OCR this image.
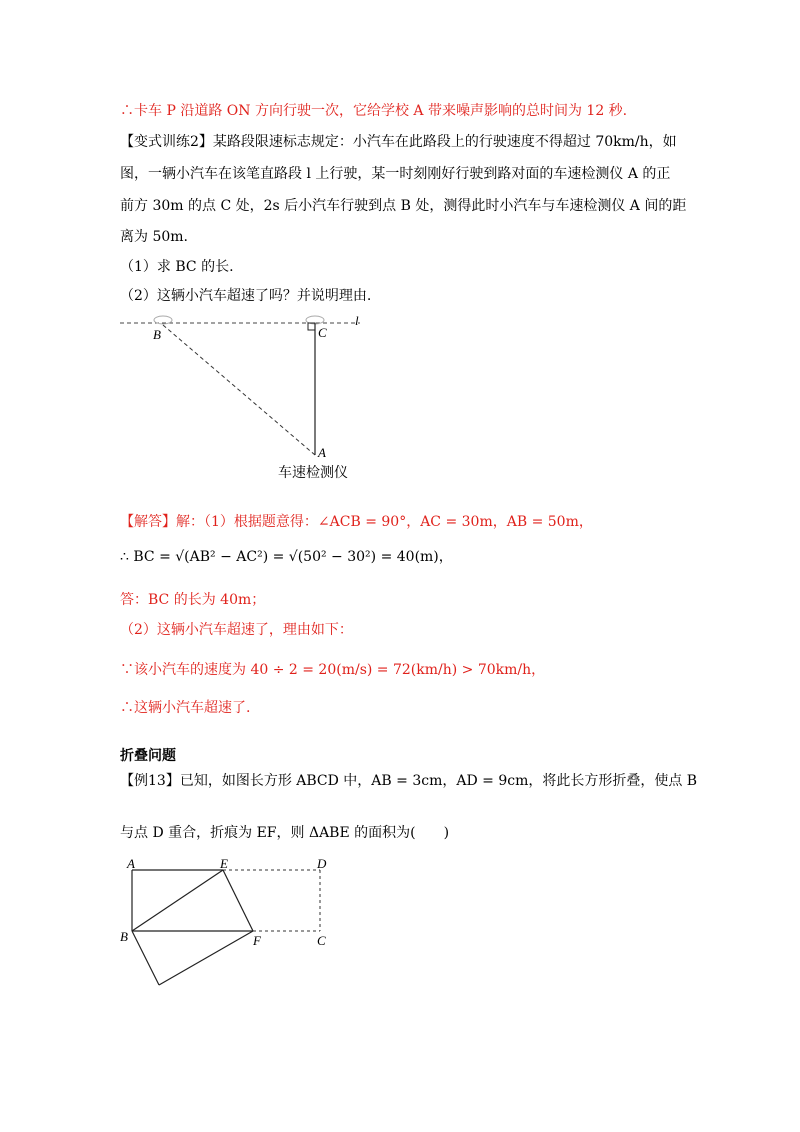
∴卡车 P 沿道路 ON 方向行驶一次，它给学校 A 带来噪声影响的总时间为 12 秒.
【变式训练2】某路段限速标志规定：小汽车在此路段上的行驶速度不得超过 70km/h，如
图，一辆小汽车在该笔直路段 l 上行驶，某一时刻刚好行驶到路对面的车速检测仪 A 的正
前方 30m 的点 C 处，2s 后小汽车行驶到点 B 处，测得此时小汽车与车速检测仪 A 间的距
离为 50m.
（1）求 BC 的长.
（2）这辆小汽车超速了吗？并说明理由.
B	C
A
l
车速检测仪
【解答】解：（1）根据题意得：∠ACB = 90°，AC = 30m，AB = 50m，
∴ BC = √(AB² − AC²) = √(50² − 30²) = 40(m)，
答：BC 的长为 40m；
（2）这辆小汽车超速了，理由如下：
∵该小汽车的速度为 40 ÷ 2 = 20(m/s) = 72(km/h) > 70km/h，
∴这辆小汽车超速了.
折叠问题
【例13】已知，如图长方形 ABCD 中，AB = 3cm，AD = 9cm，将此长方形折叠，使点 B
与点 D 重合，折痕为 EF，则 ΔABE 的面积为(　　)
A	E	D
B	F	C
